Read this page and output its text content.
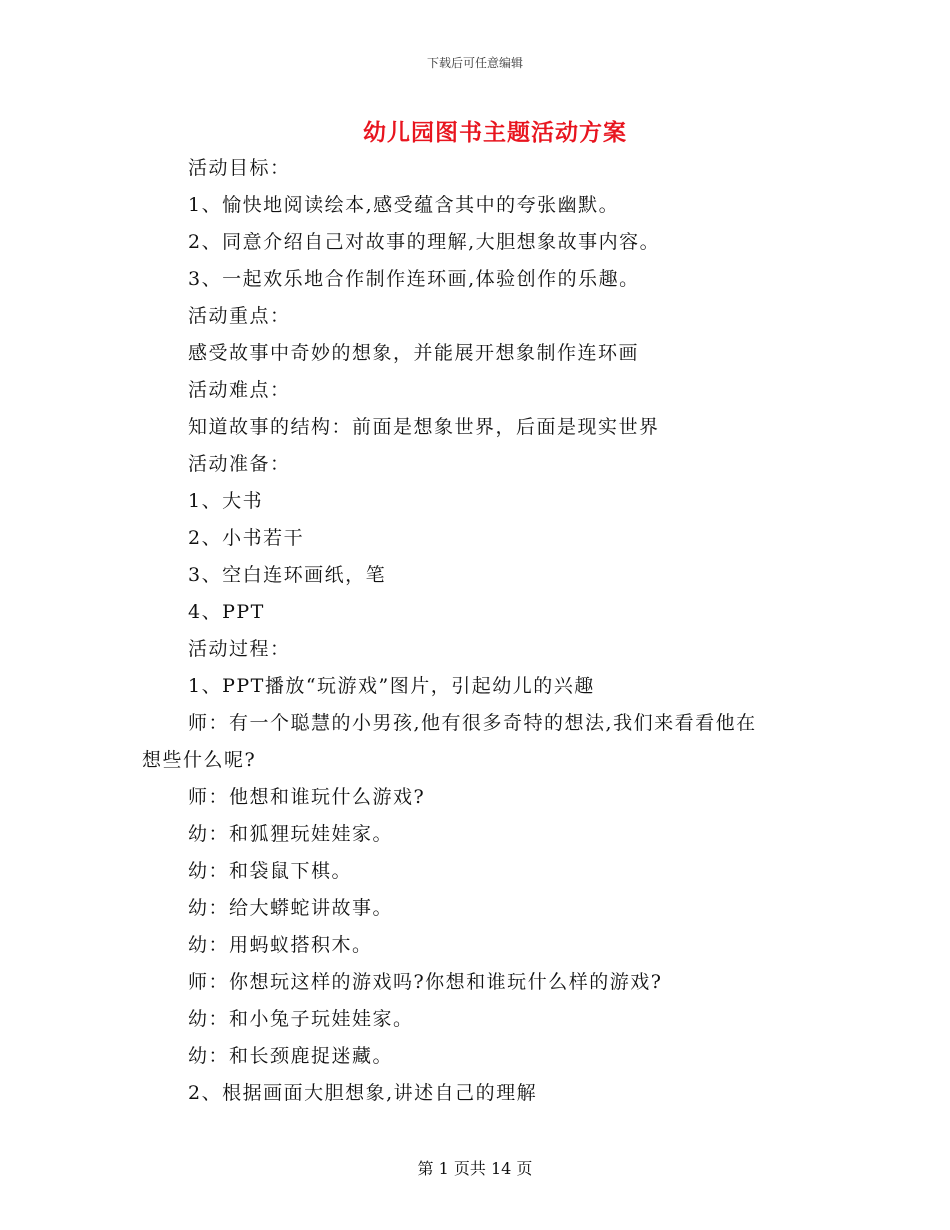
下载后可任意编辑
幼儿园图书主题活动方案

活动目标：

1、愉快地阅读绘本,感受蕴含其中的夸张幽默。

2、同意介绍自己对故事的理解,大胆想象故事内容。

3、一起欢乐地合作制作连环画,体验创作的乐趣。

活动重点：

感受故事中奇妙的想象，并能展开想象制作连环画

活动难点：

知道故事的结构：前面是想象世界，后面是现实世界

活动准备：

1、大书

2、小书若干

3、空白连环画纸，笔

4、PPT

活动过程：

1、PPT播放“玩游戏”图片，引起幼儿的兴趣

师：有一个聪慧的小男孩,他有很多奇特的想法,我们来看看他在

想些什么呢?

师：他想和谁玩什么游戏?

幼：和狐狸玩娃娃家。

幼：和袋鼠下棋。

幼：给大蟒蛇讲故事。

幼：用蚂蚁搭积木。

师：你想玩这样的游戏吗?你想和谁玩什么样的游戏?

幼：和小兔子玩娃娃家。

幼：和长颈鹿捉迷藏。

2、根据画面大胆想象,讲述自己的理解

第 1 页共 14 页
